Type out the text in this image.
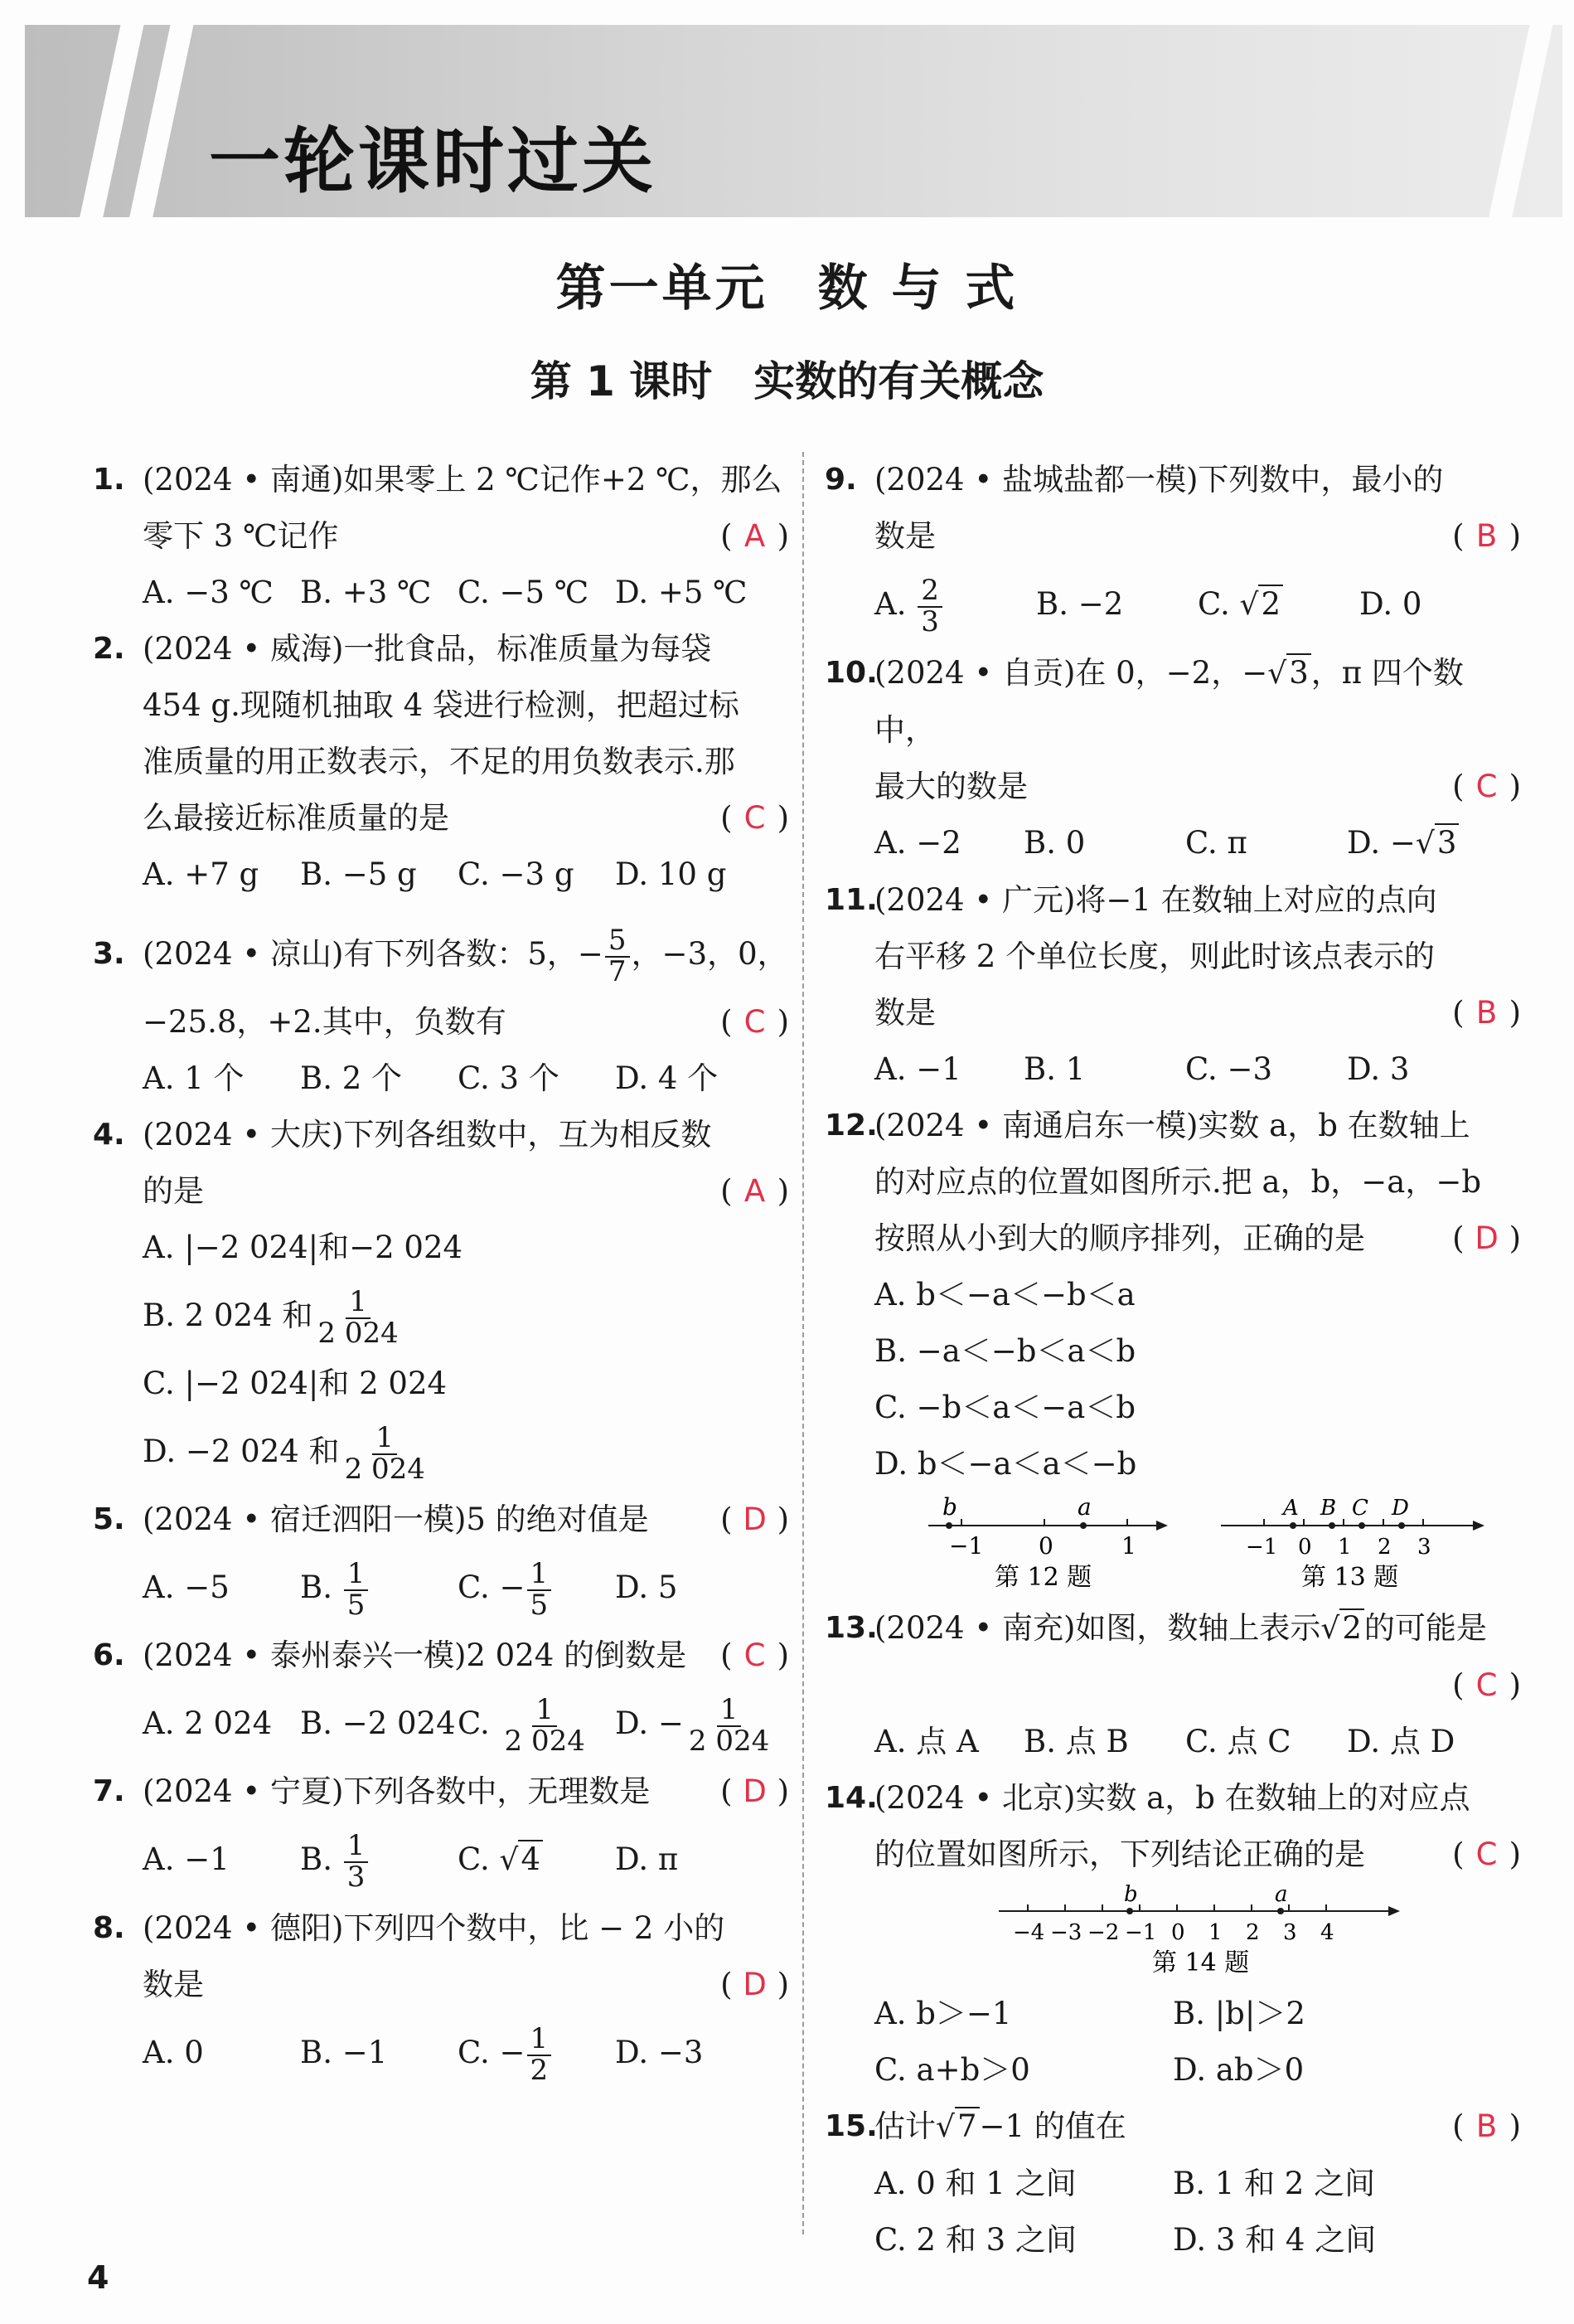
一轮课时过关
第一单元 数 与 式
第 1 课时 实数的有关概念
1. (2024 • 南通)如果零上 2 ℃记作+2 ℃，那么
零下 3 ℃记作	( A )
A. −3 ℃ B. +3 ℃ C. −5 ℃ D. +5 ℃
2. (2024 • 威海)一批食品，标准质量为每袋
454 g.现随机抽取 4 袋进行检测，把超过标
准质量的用正数表示，不足的用负数表示.那
么最接近标准质量的是	( C )
A. +7 g	B. −5 g	C. −3 g	D. 10 g
3. (2024 • 凉山)有下列各数：5，− $\frac{5}{7}$ ，−3，0，
−25.8，+2.其中，负数有	( C )
A. 1 个	B. 2 个	C. 3 个	D. 4 个
4. (2024 • 大庆)下列各组数中，互为相反数
的是	( A )
A. |−2 024|和−2 024
B. 2 024 和 $\frac{1}{2 024}$
C. |−2 024|和 2 024
D. −2 024 和 $\frac{1}{2 024}$
5. (2024 • 宿迁泗阳一模)5 的绝对值是 ( D )
A. −5	B. $\frac{1}{5}$	C. − $\frac{1}{5} D$. 5
6. (2024 • 泰州泰兴一模)2 024 的倒数是 ( C )
A. 2 024 B. −2 024 C. $\frac{1}{2 024} D$. − $\frac{1}{2 024}$
7. (2024 • 宁夏)下列各数中，无理数是 ( D )
A. −1	B. $\frac{1}{3}$	C. √4	D. π
8. (2024 • 德阳)下列四个数中，比 − 2 小的
数是	( D )
A. 0	B. −1	C. − $\frac{1}{2} D$. −3
9. (2024 • 盐城盐都一模)下列数中，最小的
数是	( B )
A. $\frac{2}{3}$	B. −2	C. √2	D. 0
10.
(2024 • 自贡)在 0，−2，−√3，π 四个数中，
最大的数是	( C )
A. −2	B. 0	C. π	D. −√3
11.
(2024 • 广元)将−1 在数轴上对应的点向
右平移 2 个单位长度，则此时该点表示的
数是	( B )
A. −1	B. 1	C. −3	D. 3
12.
(2024 • 南通启东一模)实数 a，b 在数轴上
的对应点的位置如图所示.把 a，b，−a，−b
按照从小到大的顺序排列，正确的是	( D )
A. b＜−a＜−b＜a
B. −a＜−b＜a＜b
C. −b＜a＜−a＜b
D. b＜−a＜a＜−b
b	a
−1 0	1
第 12 题
A B C D
−1 0 1 2 3
第 13 题
13.
(2024 • 南充)如图，数轴上表示√2的可能是
( C )

A. 点 A	B. 点 B	C. 点 C	D. 点 D
14.
(2024 • 北京)实数 a，b 在数轴上的对应点
的位置如图所示，下列结论正确的是	( C )
b	a
−4 −3 −2 −1 0 1 2 3 4
第 14 题
A. b＞−1	B. |b|＞2
C. a+b＞0	D. ab＞0
15.
估计√7−1 的值在	( B )
A. 0 和 1 之间	B. 1 和 2 之间
C. 2 和 3 之间	D. 3 和 4 之间
4
